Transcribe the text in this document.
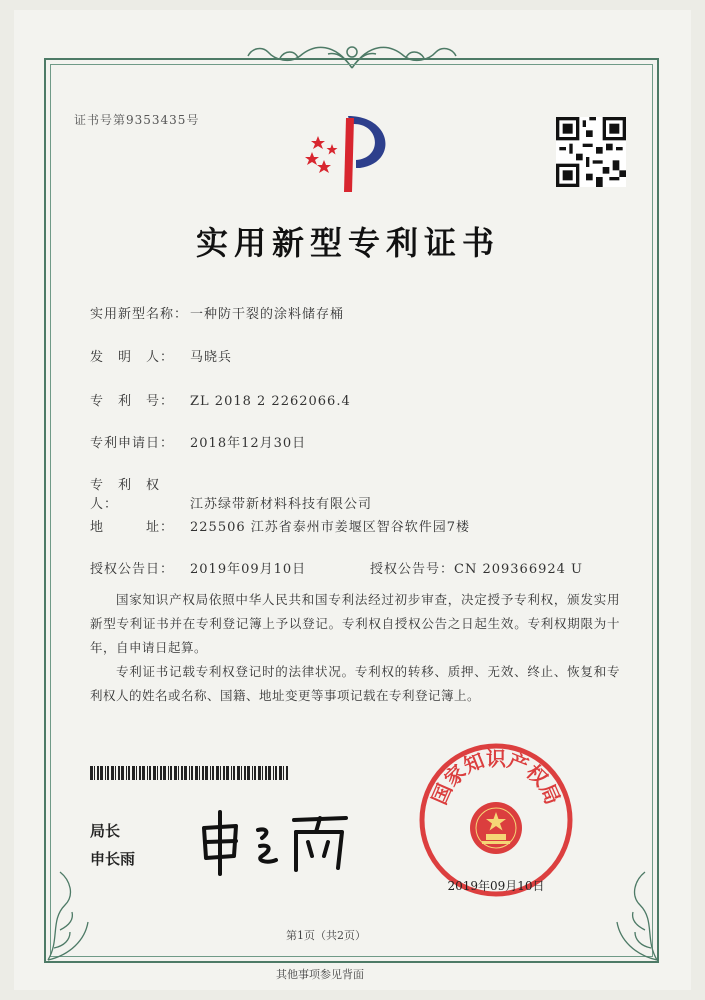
证书号第9353435号
实用新型专利证书
实用新型名称： 一种防干裂的涂料储存桶
发　明　人： 马晓兵
专　利　号： ZL 2018 2 2262066.4
专利申请日： 2018年12月30日
专　利　权　人：	江苏绿带新材料科技有限公司
地　　　址： 225506 江苏省泰州市姜堰区智谷软件园7楼
授权公告日： 2019年09月10日	授权公告号：CN 209366924 U
国家知识产权局依照中华人民共和国专利法经过初步审查，决定授予专利权，颁发实用新型专利证书并在专利登记簿上予以登记。专利权自授权公告之日起生效。专利权期限为十年，自申请日起算。
专利证书记载专利权登记时的法律状况。专利权的转移、质押、无效、终止、恢复和专利权人的姓名或名称、国籍、地址变更等事项记载在专利登记簿上。
局长
申长雨
国家知识产权局
2019年09月10日
第1页（共2页）
其他事项参见背面
